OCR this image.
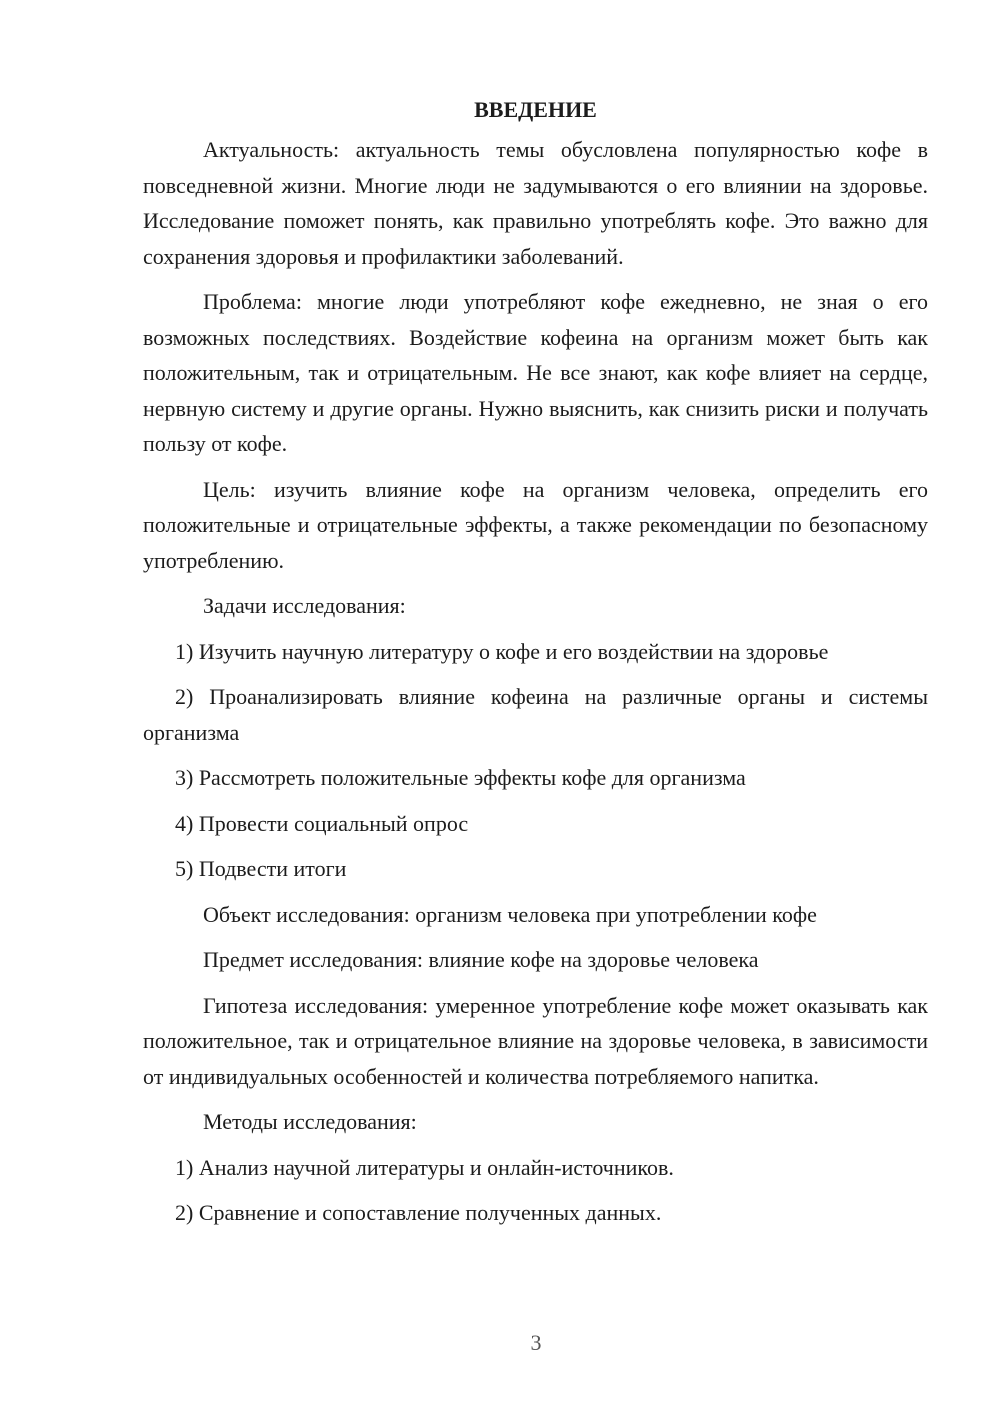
ВВЕДЕНИЕ

Актуальность: актуальность темы обусловлена популярностью кофе в повседневной жизни. Многие люди не задумываются о его влиянии на здоровье. Исследование поможет понять, как правильно употреблять кофе. Это важно для сохранения здоровья и профилактики заболеваний.

Проблема: многие люди употребляют кофе ежедневно, не зная о его возможных последствиях. Воздействие кофеина на организм может быть как положительным, так и отрицательным. Не все знают, как кофе влияет на сердце, нервную систему и другие органы. Нужно выяснить, как снизить риски и получать пользу от кофе.

Цель: изучить влияние кофе на организм человека, определить его положительные и отрицательные эффекты, а также рекомендации по безопасному употреблению.

Задачи исследования:

1) Изучить научную литературу о кофе и его воздействии на здоровье

2) Проанализировать влияние кофеина на различные органы и системы организма

3) Рассмотреть положительные эффекты кофе для организма

4) Провести социальный опрос

5) Подвести итоги

Объект исследования: организм человека при употреблении кофе

Предмет исследования: влияние кофе на здоровье человека

Гипотеза исследования: умеренное употребление кофе может оказывать как положительное, так и отрицательное влияние на здоровье человека, в зависимости от индивидуальных особенностей и количества потребляемого напитка.

Методы исследования:

1) Анализ научной литературы и онлайн-источников.

2) Сравнение и сопоставление полученных данных.

3
